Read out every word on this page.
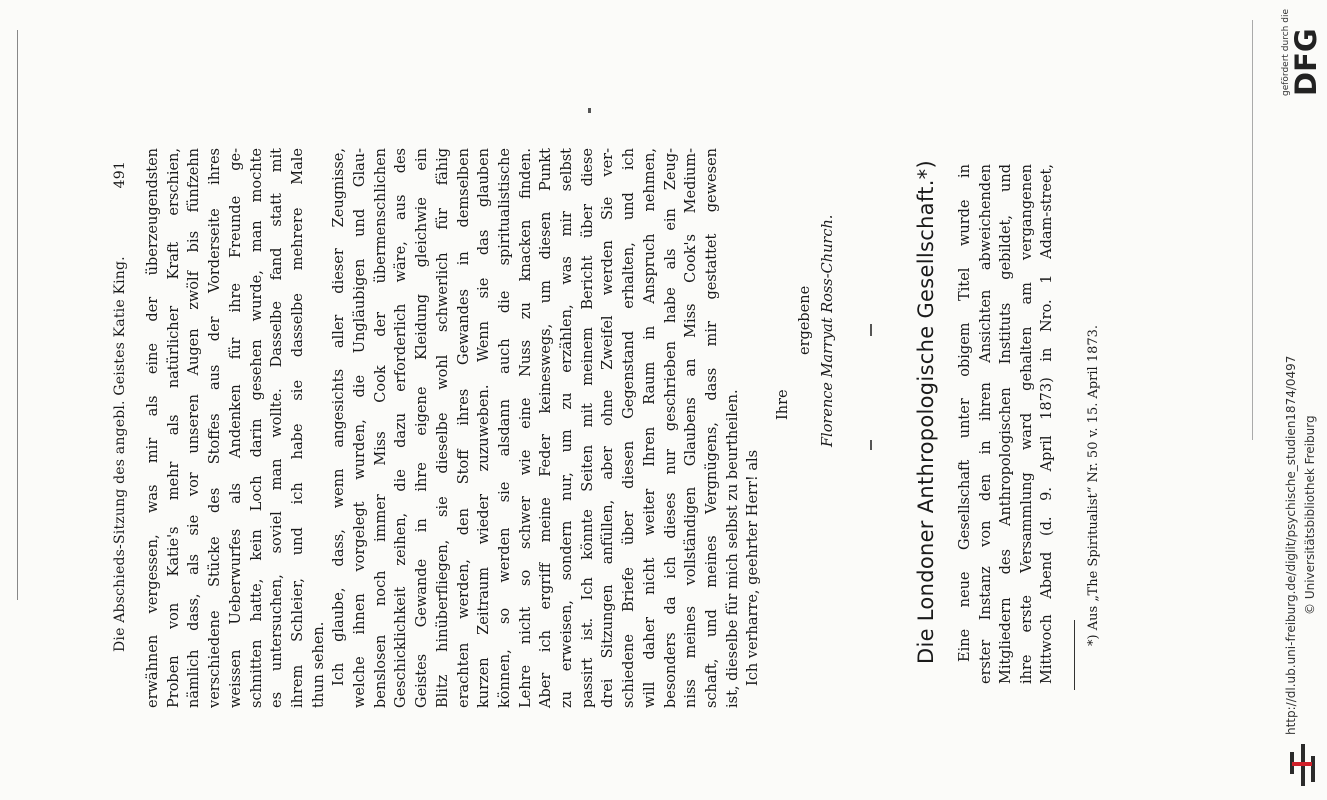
Die Abschieds-Sitzung des angebl. Geistes Katie King.
491 erwähnen vergessen, was mir als eine der überzeugendsten Proben von Katie's mehr als natürlicher Kraft erschien, nämlich dass, als sie vor unseren Augen zwölf bis fünfzehn verschiedene Stücke des Stoffes aus der Vorderseite ihres weissen Ueberwurfes als Andenken für ihre Freunde ge- schnitten hatte, kein Loch darin gesehen wurde, man mochte es untersuchen, soviel man wollte. Dasselbe fand statt mit ihrem Schleier, und ich habe sie dasselbe mehrere Male thun sehen. Ich glaube, dass, wenn angesichts aller dieser Zeugnisse, welche ihnen vorgelegt wurden, die Ungläubigen und Glau- benslosen noch immer Miss Cook der übermenschlichen Geschicklichkeit zeihen, die dazu erforderlich wäre, aus des Geistes Gewande in ihre eigene Kleidung gleichwie ein Blitz hinüberfliegen, sie dieselbe wohl schwerlich für fähig erachten werden, den Stoff ihres Gewandes in demselben kurzen Zeitraum wieder zuzuweben. Wenn sie das glauben können, so werden sie alsdann auch die spiritualistische Lehre nicht so schwer wie eine Nuss zu knacken finden. Aber ich ergriff meine Feder keineswegs, um diesen Punkt zu erweisen, sondern nur, um zu erzählen, was mir selbst passirt ist. Ich könnte Seiten mit meinem Bericht über diese drei Sitzungen anfüllen, aber ohne Zweifel werden Sie ver- schiedene Briefe über diesen Gegenstand erhalten, und ich will daher nicht weiter Ihren Raum in Anspruch nehmen, besonders da ich dieses nur geschrieben habe als ein Zeug- niss meines vollständigen Glaubens an Miss Cook's Medium- schaft, und meines Vergnügens, dass mir gestattet gewesen ist, dieselbe für mich selbst zu beurtheilen. Ich verharre, geehrter Herr! als
Ihre
ergebene Florence Marryat Ross-Church.	Die Londoner Anthropologische Gesellschaft.*) Eine neue Gesellschaft unter obigem Titel wurde in erster Instanz von den in ihren Ansichten abweichenden Mitgliedern des Anthropologischen Instituts gebildet, und ihre erste Versammlung ward gehalten am vergangenen Mittwoch Abend (d. 9. April 1873) in Nro. 1 Adam-street, *) Aus „The Spiritualist“ Nr. 50 v. 15. April 1873.	http://dl.ub.uni-freiburg.de/diglit/psychische_studien1874/0497 © Universitätsbibliothek Freiburg
gefördert durch die
DFG
